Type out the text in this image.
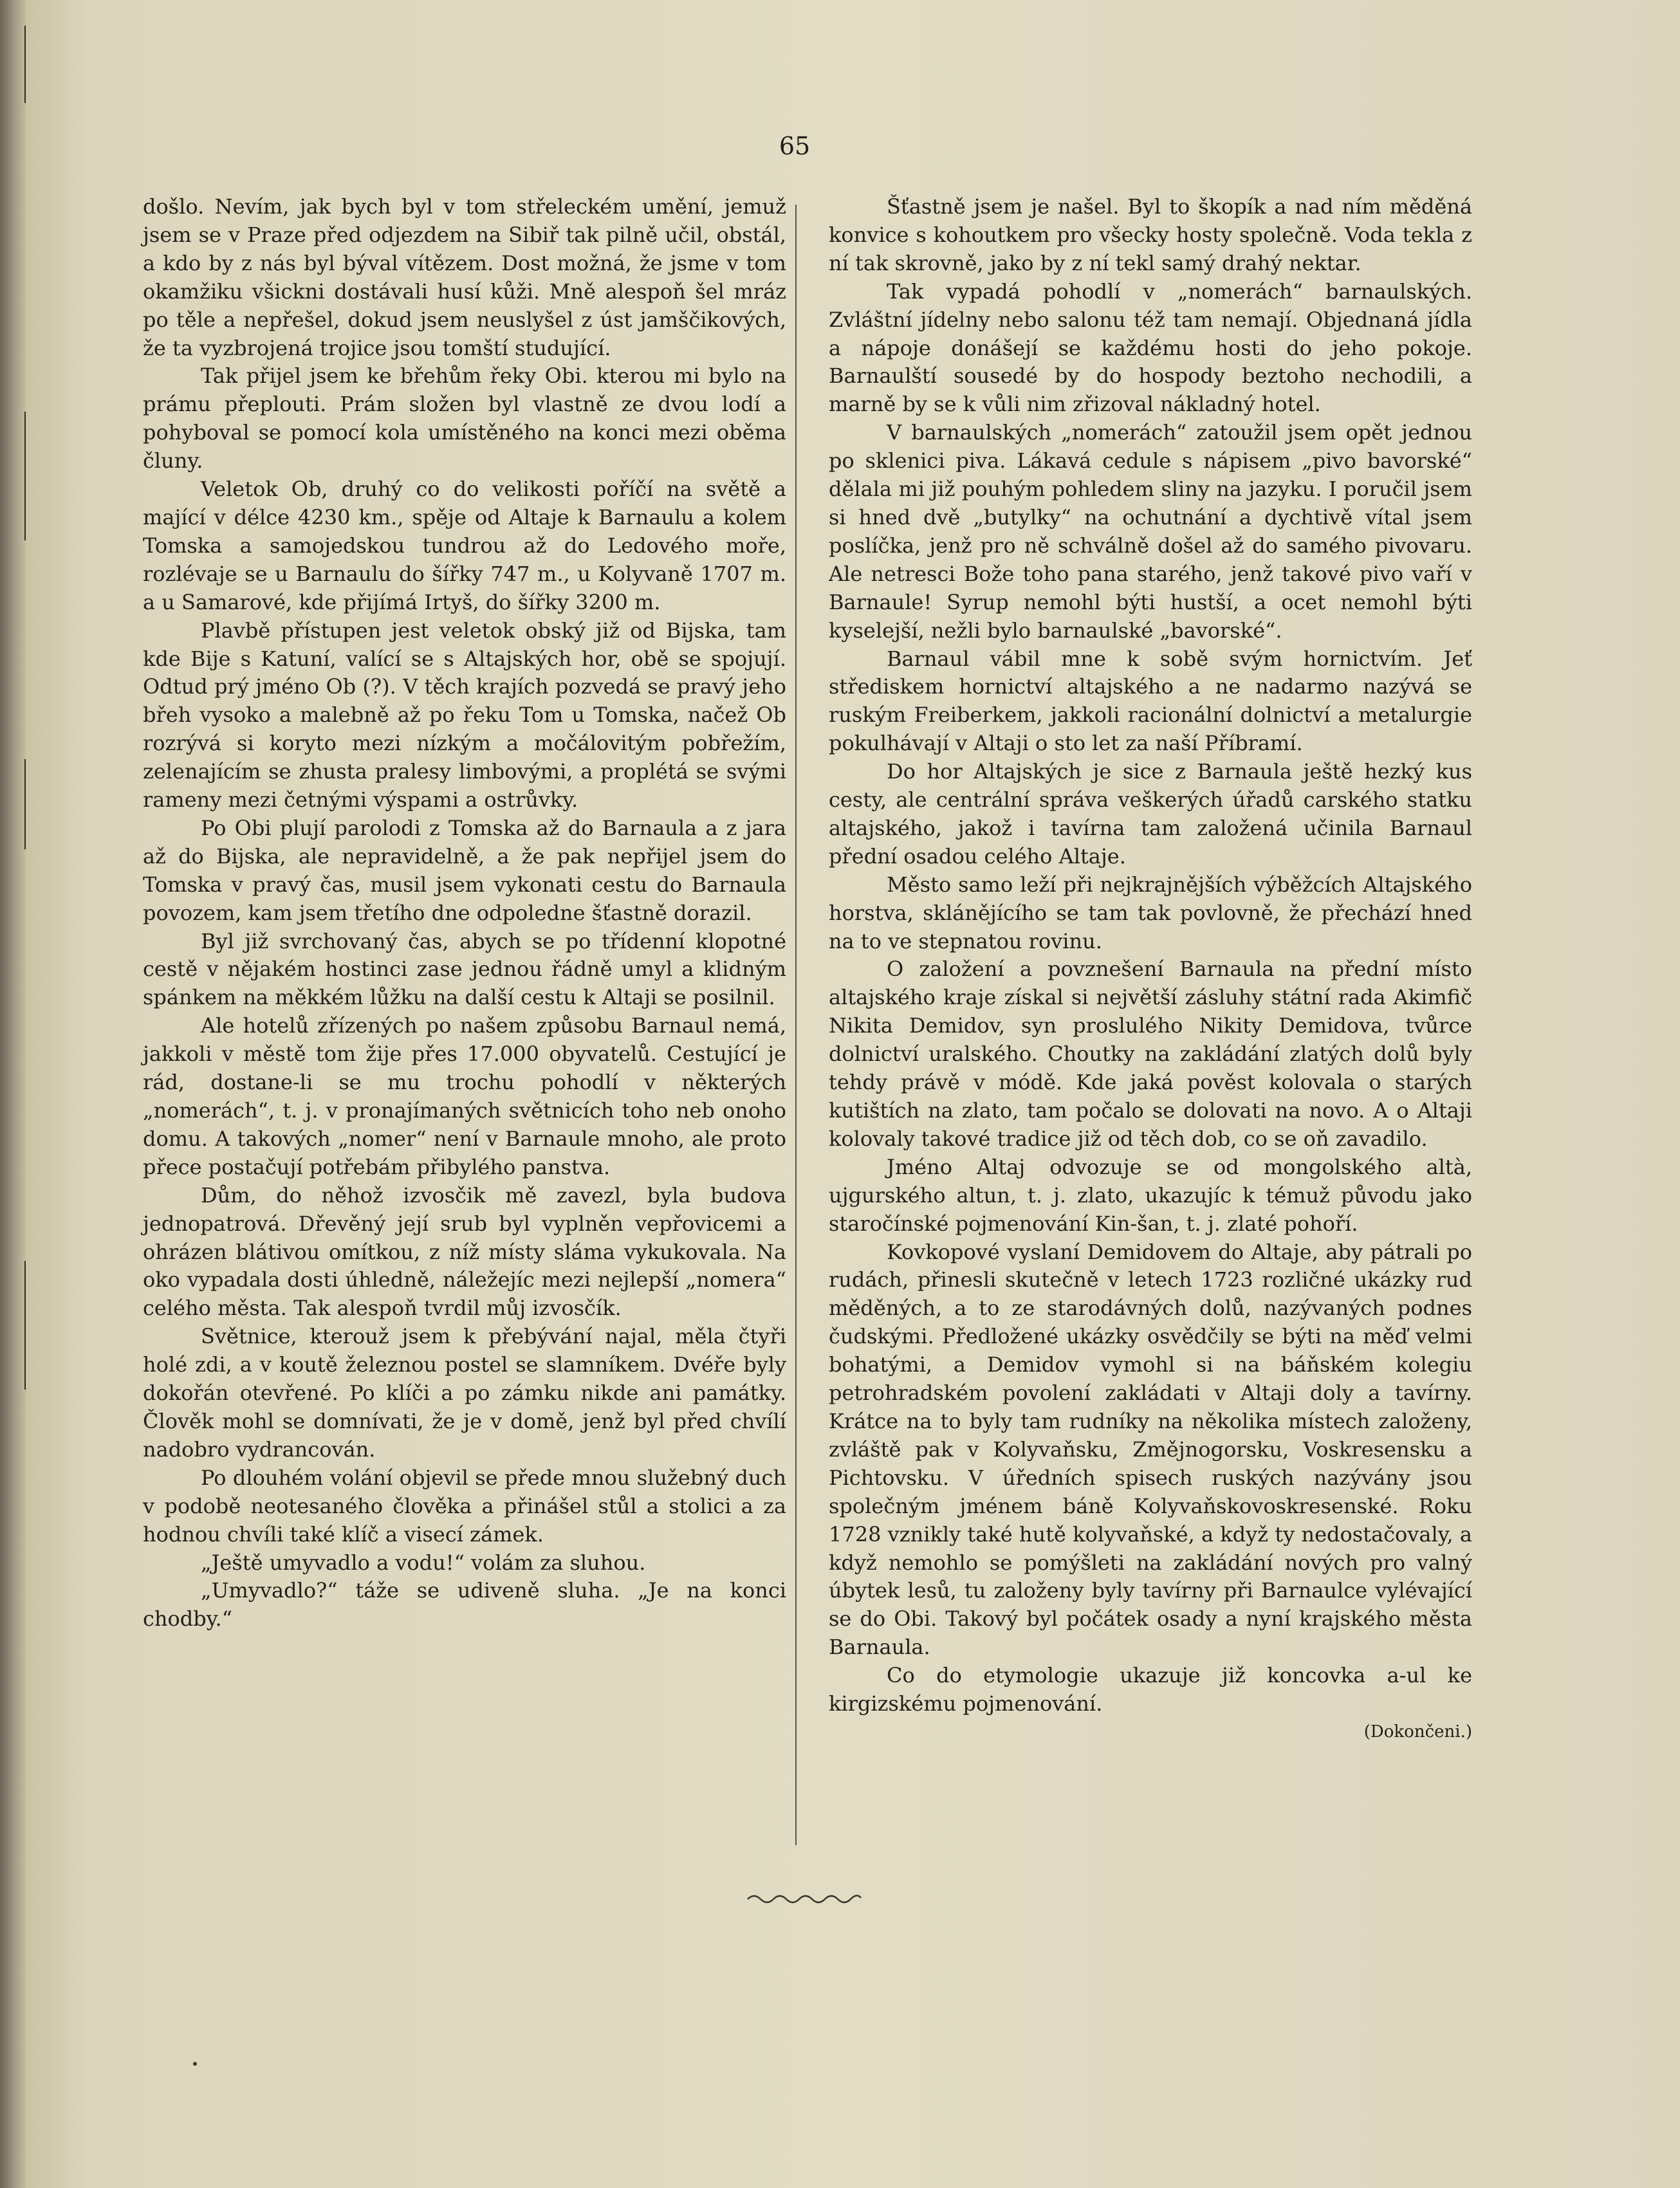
65

došlo. Nevím, jak bych byl v tom střeleckém umění, jemuž jsem se v Praze před odjezdem na Sibiř tak pilně učil, obstál, a kdo by z nás byl býval vítězem. Dost možná, že jsme v tom okamžiku všickni dostávali husí kůži. Mně alespoň šel mráz po těle a nepřešel, dokud jsem neuslyšel z úst jamščikových, že ta vyzbrojená trojice jsou tomští studující.

Tak přijel jsem ke břehům řeky Obi. kterou mi bylo na prámu přeplouti. Prám složen byl vlastně ze dvou lodí a pohyboval se pomocí kola umístěného na konci mezi oběma čluny.

Veletok Ob, druhý co do velikosti poříčí na světě a mající v délce 4230 km., spěje od Altaje k Barnaulu a kolem Tomska a samojedskou tundrou až do Ledového moře, rozlévaje se u Barnaulu do šířky 747 m., u Kolyvaně 1707 m. a u Samarové, kde přijímá Irtyš, do šířky 3200 m.

Plavbě přístupen jest veletok obský již od Bijska, tam kde Bije s Katuní, valící se s Altajských hor, obě se spojují. Odtud prý jméno Ob (?). V těch krajích pozvedá se pravý jeho břeh vysoko a malebně až po řeku Tom u Tomska, načež Ob rozrývá si koryto mezi nízkým a močálovitým pobřežím, zelenajícím se zhusta pralesy limbovými, a proplétá se svými rameny mezi četnými výspami a ostrůvky.

Po Obi plují parolodi z Tomska až do Barnaula a z jara až do Bijska, ale nepravidelně, a že pak nepřijel jsem do Tomska v pravý čas, musil jsem vykonati cestu do Barnaula povozem, kam jsem třetího dne odpoledne šťastně dorazil.

Byl již svrchovaný čas, abych se po třídenní klopotné cestě v nějakém hostinci zase jednou řádně umyl a klidným spánkem na měkkém lůžku na další cestu k Altaji se posilnil.

Ale hotelů zřízených po našem způsobu Barnaul nemá, jakkoli v městě tom žije přes 17.000 obyvatelů. Cestující je rád, dostane-li se mu trochu pohodlí v některých „nomerách“, t. j. v pronajímaných světnicích toho neb onoho domu. A takových „nomer“ není v Barnaule mnoho, ale proto přece postačují potřebám přibylého panstva.

Dům, do něhož izvosčik mě zavezl, byla budova jednopatrová. Dřevěný její srub byl vyplněn vepřovicemi a ohrázen blátivou omítkou, z níž místy sláma vykukovala. Na oko vypadala dosti úhledně, náležejíc mezi nejlepší „nomera“ celého města. Tak alespoň tvrdil můj izvosčík.

Světnice, kterouž jsem k přebývání najal, měla čtyři holé zdi, a v koutě železnou postel se slamníkem. Dvéře byly dokořán otevřené. Po klíči a po zámku nikde ani památky. Člověk mohl se domnívati, že je v domě, jenž byl před chvílí nadobro vydrancován.

Po dlouhém volání objevil se přede mnou služebný duch v podobě neotesaného člověka a přinášel stůl a stolici a za hodnou chvíli také klíč a visecí zámek.

„Ještě umyvadlo a vodu!“ volám za sluhou.

„Umyvadlo?“ táže se udiveně sluha. „Je na konci chodby.“

Šťastně jsem je našel. Byl to škopík a nad ním měděná konvice s kohoutkem pro všecky hosty společně. Voda tekla z ní tak skrovně, jako by z ní tekl samý drahý nektar.

Tak vypadá pohodlí v „nomerách“ barnaulských. Zvláštní jídelny nebo salonu též tam nemají. Objednaná jídla a nápoje donášejí se každému hosti do jeho pokoje. Barnaulští sousedé by do hospody beztoho nechodili, a marně by se k vůli nim zřizoval nákladný hotel.

V barnaulských „nomerách“ zatoužil jsem opět jednou po sklenici piva. Lákavá cedule s nápisem „pivo bavorské“ dělala mi již pouhým pohledem sliny na jazyku. I poručil jsem si hned dvě „butylky“ na ochutnání a dychtivě vítal jsem poslíčka, jenž pro ně schválně došel až do samého pivovaru. Ale netresci Bože toho pana starého, jenž takové pivo vaří v Barnaule! Syrup nemohl býti hustší, a ocet nemohl býti kyselejší, nežli bylo barnaulské „bavorské“.

Barnaul vábil mne k sobě svým hornictvím. Jeť střediskem hornictví altajského a ne nadarmo nazývá se ruským Freiberkem, jakkoli racionální dolnictví a metalurgie pokulhávají v Altaji o sto let za naší Příbramí.

Do hor Altajských je sice z Barnaula ještě hezký kus cesty, ale centrální správa veškerých úřadů carského statku altajského, jakož i tavírna tam založená učinila Barnaul přední osadou celého Altaje.

Město samo leží při nejkrajnějších výběžcích Altajského horstva, sklánějícího se tam tak povlovně, že přechází hned na to ve stepnatou rovinu.

O založení a povznešení Barnaula na přední místo altajského kraje získal si největší zásluhy státní rada Akimfič Nikita Demidov, syn proslulého Nikity Demidova, tvůrce dolnictví uralského. Choutky na zakládání zlatých dolů byly tehdy právě v módě. Kde jaká pověst kolovala o starých kutištích na zlato, tam počalo se dolovati na novo. A o Altaji kolovaly takové tradice již od těch dob, co se oň zavadilo.

Jméno Altaj odvozuje se od mongolského altà, ujgurského altun, t. j. zlato, ukazujíc k témuž původu jako staročínské pojmenování Kin-šan, t. j. zlaté pohoří.

Kovkopové vyslaní Demidovem do Altaje, aby pátrali po rudách, přinesli skutečně v letech 1723 rozličné ukázky rud měděných, a to ze starodávných dolů, nazývaných podnes čudskými. Předložené ukázky osvědčily se býti na měď velmi bohatými, a Demidov vymohl si na báňském kolegiu petrohradském povolení zakládati v Altaji doly a tavírny. Krátce na to byly tam rudníky na několika místech založeny, zvláště pak v Kolyvaňsku, Změjnogorsku, Voskresensku a Pichtovsku. V úředních spisech ruských nazývány jsou společným jménem báně Kolyvaňskovoskresenské. Roku 1728 vznikly také hutě kolyvaňské, a když ty nedostačovaly, a když nemohlo se pomýšleti na zakládání nových pro valný úbytek lesů, tu založeny byly tavírny při Barnaulce vylévající se do Obi. Takový byl počátek osady a nyní krajského města Barnaula.

Co do etymologie ukazuje již koncovka a-ul ke kirgizskému pojmenování.

(Dokončeni.)
